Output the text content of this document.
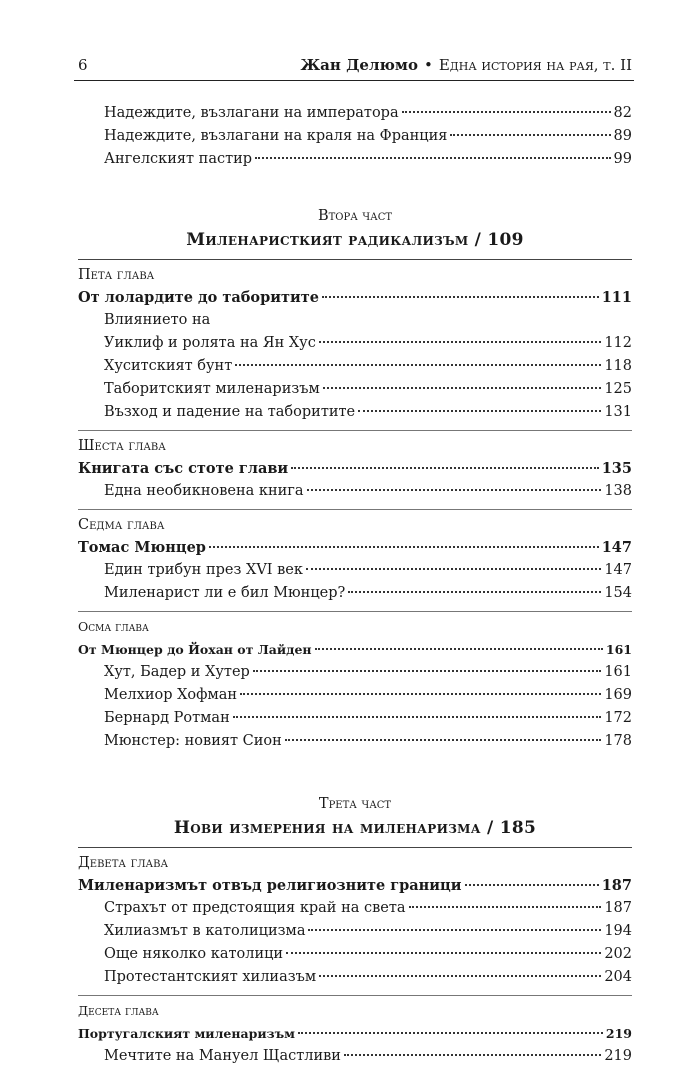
6	Жан Делюмо • Една история на рая, т. II
Надеждите, възлагани на императора	82
Надеждите, възлагани на краля на Франция	89
Ангелският пастир	99
Втора част
Миленаристкият радикализъм / 109
Пета глава
От лолардите до таборитите	111
Влиянието на
Уиклиф и ролята на Ян Хус	112
Хуситският бунт	118
Таборитският миленаризъм	125
Възход и падение на таборитите	131
Шеста глава
Книгата със стоте глави	135
Една необикновена книга	138
Седма глава
Томас Мюнцер	147
Един трибун през XVI век	147
Миленарист ли е бил Мюнцер?	154
Осма глава
От Мюнцер до Йохан от Лайден	161
Хут, Бадер и Хутер	161
Мелхиор Хофман	169
Бернард Ротман	172
Мюнстер: новият Сион	178
Трета част
Нови измерения на миленаризма / 185
Девета глава
Миленаризмът отвъд религиозните граници	187
Страхът от предстоящия край на света	187
Хилиазмът в католицизма	194
Още няколко католици	202
Протестантският хилиазъм	204
Десета глава
Португалският миленаризъм	219
Мечтите на Мануел Щастливи	219
